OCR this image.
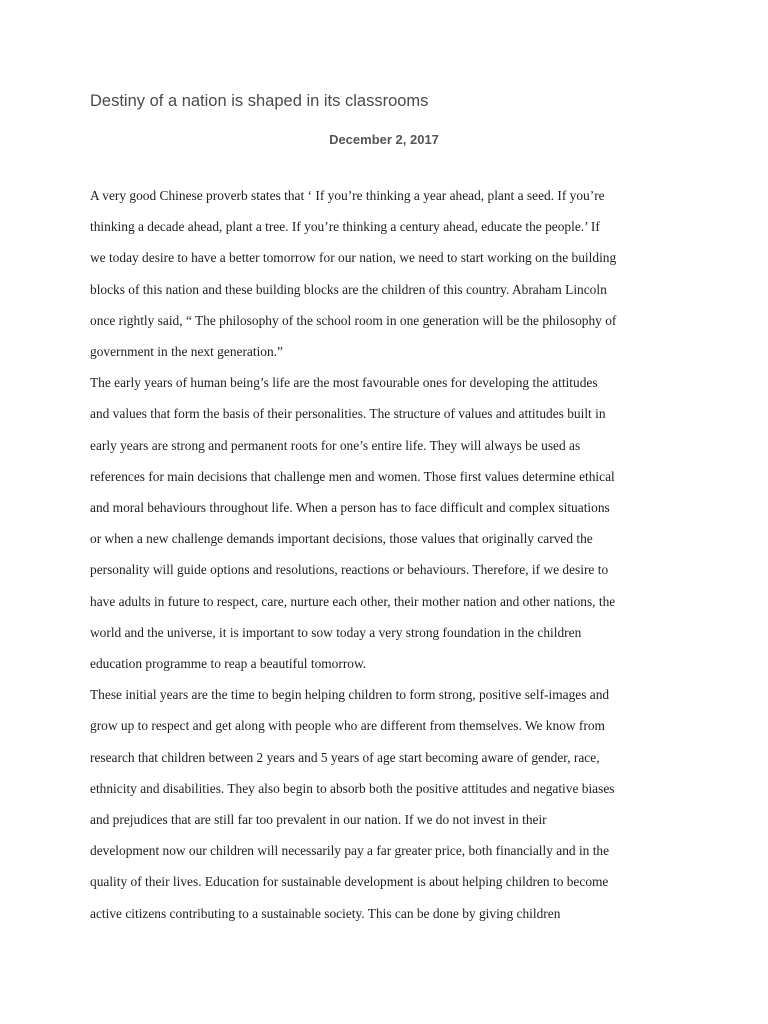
Destiny of a nation is shaped in its classrooms
December 2, 2017

A very good Chinese proverb states that ‘ If you’re thinking a year ahead, plant a seed. If you’re
thinking a decade ahead, plant a tree. If you’re thinking a century ahead, educate the people.’ If
we today desire to have a better tomorrow for our nation, we need to start working on the building
blocks of this nation and these building blocks are the children of this country. Abraham Lincoln
once rightly said, “ The philosophy of the school room in one generation will be the philosophy of
government in the next generation.”

The early years of human being’s life are the most favourable ones for developing the attitudes
and values that form the basis of their personalities. The structure of values and attitudes built in
early years are strong and permanent roots for one’s entire life. They will always be used as
references for main decisions that challenge men and women. Those first values determine ethical
and moral behaviours throughout life. When a person has to face difficult and complex situations
or when a new challenge demands important decisions, those values that originally carved the
personality will guide options and resolutions, reactions or behaviours. Therefore, if we desire to
have adults in future to respect, care, nurture each other, their mother nation and other nations, the
world and the universe, it is important to sow today a very strong foundation in the children
education programme to reap a beautiful tomorrow.

These initial years are the time to begin helping children to form strong, positive self-images and
grow up to respect and get along with people who are different from themselves. We know from
research that children between 2 years and 5 years of age start becoming aware of gender, race,
ethnicity and disabilities. They also begin to absorb both the positive attitudes and negative biases
and prejudices that are still far too prevalent in our nation. If we do not invest in their
development now our children will necessarily pay a far greater price, both financially and in the
quality of their lives. Education for sustainable development is about helping children to become
active citizens contributing to a sustainable society. This can be done by giving children
